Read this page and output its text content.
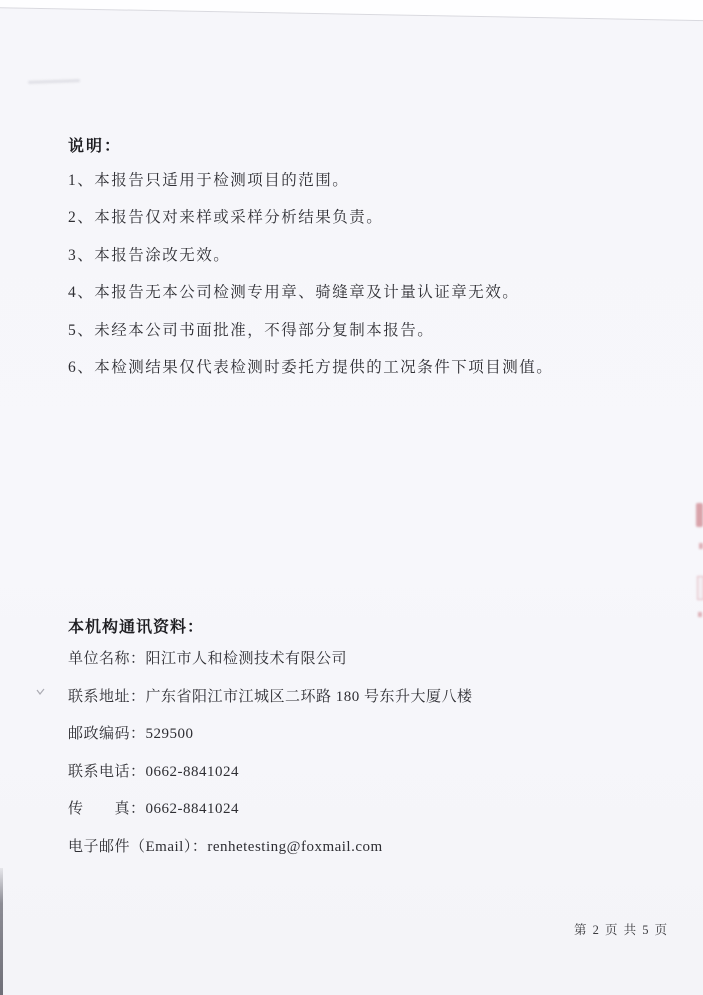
说明：

1、本报告只适用于检测项目的范围。

2、本报告仅对来样或采样分析结果负责。

3、本报告涂改无效。

4、本报告无本公司检测专用章、骑缝章及计量认证章无效。

5、未经本公司书面批准，不得部分复制本报告。

6、本检测结果仅代表检测时委托方提供的工况条件下项目测值。

本机构通讯资料：

单位名称：阳江市人和检测技术有限公司

联系地址：广东省阳江市江城区二环路 180 号东升大厦八楼

邮政编码：529500

联系电话：0662-8841024

传　　真：0662-8841024

电子邮件（Email）：renhetesting@foxmail.com

第 2 页 共 5 页
